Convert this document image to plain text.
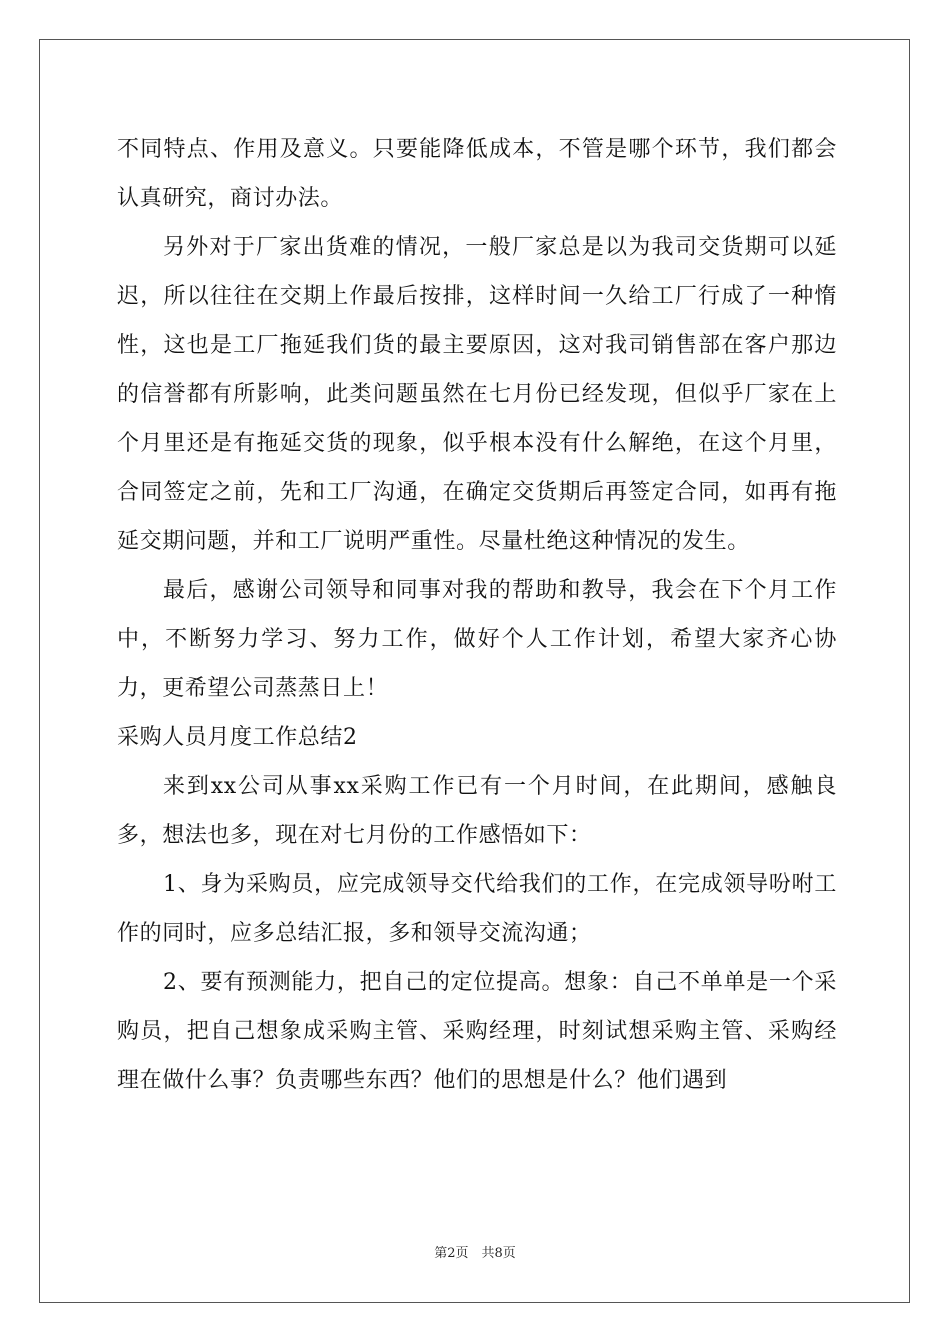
不同特点、作用及意义。只要能降低成本，不管是哪个环节，我们都会认真研究，商讨办法。

另外对于厂家出货难的情况，一般厂家总是以为我司交货期可以延迟，所以往往在交期上作最后按排，这样时间一久给工厂行成了一种惰性，这也是工厂拖延我们货的最主要原因，这对我司销售部在客户那边的信誉都有所影响，此类问题虽然在七月份已经发现，但似乎厂家在上个月里还是有拖延交货的现象，似乎根本没有什么解绝，在这个月里，合同签定之前，先和工厂沟通，在确定交货期后再签定合同，如再有拖延交期问题，并和工厂说明严重性。尽量杜绝这种情况的发生。

最后，感谢公司领导和同事对我的帮助和教导，我会在下个月工作中，不断努力学习、努力工作，做好个人工作计划，希望大家齐心协力，更希望公司蒸蒸日上！

采购人员月度工作总结2

来到xx公司从事xx采购工作已有一个月时间，在此期间，感触良多，想法也多，现在对七月份的工作感悟如下：

1、身为采购员，应完成领导交代给我们的工作，在完成领导吩咐工作的同时，应多总结汇报，多和领导交流沟通；

2、要有预测能力，把自己的定位提高。想象：自己不单单是一个采购员，把自己想象成采购主管、采购经理，时刻试想采购主管、采购经理在做什么事？负责哪些东西？他们的思想是什么？他们遇到

第2页　共8页
